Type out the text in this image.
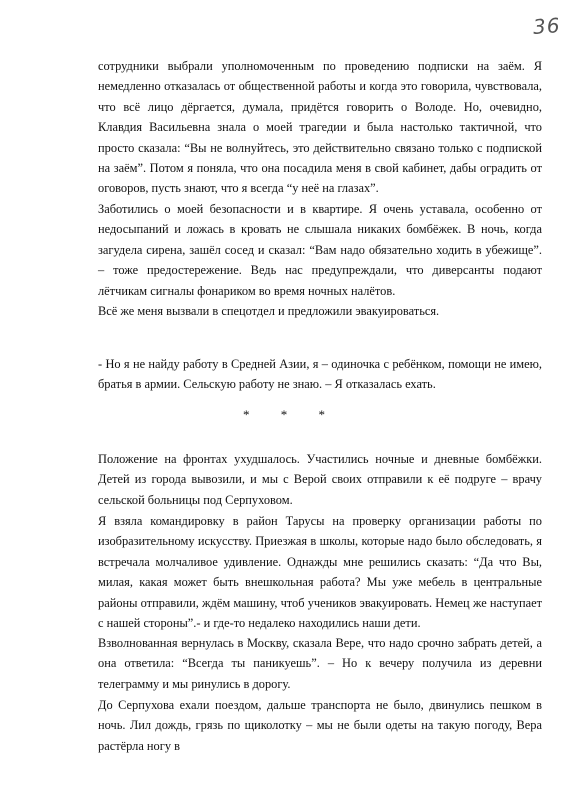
36

сотрудники выбрали уполномоченным по проведению подписки на заём. Я немедленно отказалась от общественной работы и когда это говорила, чувствовала, что всё лицо дёргается, думала, придётся говорить о Володе. Но, очевидно, Клавдия Васильевна знала о моей трагедии и была настолько тактичной, что просто сказала: “Вы не волнуйтесь, это действительно связано только с подпиской на заём”. Потом я поняла, что она посадила меня в свой кабинет, дабы оградить от оговоров, пусть знают, что я всегда “у неё на глазах”.

Заботились о моей безопасности и в квартире. Я очень уставала, особенно от недосыпаний и ложась в кровать не слышала никаких бомбёжек. В ночь, когда загудела сирена, зашёл сосед и сказал: “Вам надо обязательно ходить в убежище”. – тоже предостережение. Ведь нас предупреждали, что диверсанты подают лётчикам сигналы фонариком во время ночных налётов.

Всё же меня вызвали в спецотдел и предложили эвакуироваться.

- Но я не найду работу в Средней Азии, я – одиночка с ребёнком, помощи не имею, братья в армии. Сельскую работу не знаю. – Я отказалась ехать.

* * *

Положение на фронтах ухудшалось. Участились ночные и дневные бомбёжки. Детей из города вывозили, и мы с Верой своих отправили к её подруге – врачу сельской больницы под Серпуховом.

Я взяла командировку в район Тарусы на проверку организации работы по изобразительному искусству. Приезжая в школы, которые надо было обследовать, я встречала молчаливое удивление. Однажды мне решились сказать: “Да что Вы, милая, какая может быть внешкольная работа? Мы уже мебель в центральные районы отправили, ждём машину, чтоб учеников эвакуировать. Немец же наступает с нашей стороны”.- и где-то недалеко находились наши дети.

Взволнованная вернулась в Москву, сказала Вере, что надо срочно забрать детей, а она ответила: “Всегда ты паникуешь”. – Но к вечеру получила из деревни телеграмму и мы ринулись в дорогу.

До Серпухова ехали поездом, дальше транспорта не было, двинулись пешком в ночь. Лил дождь, грязь по щиколотку – мы не были одеты на такую погоду, Вера растёрла ногу в
